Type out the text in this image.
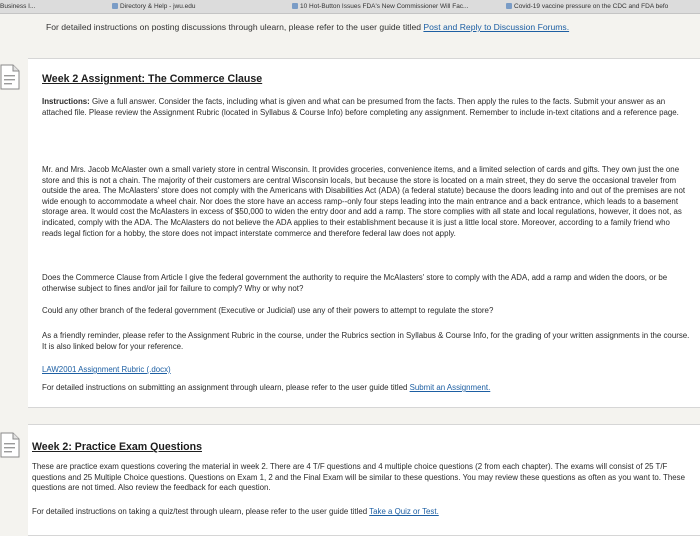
Business I...	Directory & Help - jwu.edu	10 Hot-Button Issues FDA's New Commissioner Will Fac...	Covid-19 vaccine pressure on the CDC and FDA befo
For detailed instructions on posting discussions through ulearn, please refer to the user guide titled Post and Reply to Discussion Forums.
Week 2 Assignment: The Commerce Clause

Instructions: Give a full answer. Consider the facts, including what is given and what can be presumed from the facts. Then apply the rules to the facts. Submit your answer as an attached file. Please review the Assignment Rubric (located in Syllabus & Course Info) before completing any assignment. Remember to include in-text citations and a reference page.

Mr. and Mrs. Jacob McAlaster own a small variety store in central Wisconsin. It provides groceries, convenience items, and a limited selection of cards and gifts. They own just the one store and this is not a chain. The majority of their customers are central Wisconsin locals, but because the store is located on a main street, they do serve the occasional traveler from outside the area. The McAlasters' store does not comply with the Americans with Disabilities Act (ADA) (a federal statute) because the doors leading into and out of the premises are not wide enough to accommodate a wheel chair. Nor does the store have an access ramp--only four steps leading into the main entrance and a back entrance, which leads to a basement storage area. It would cost the McAlasters in excess of $50,000 to widen the entry door and add a ramp. The store complies with all state and local regulations, however, it does not, as indicated, comply with the ADA. The McAlasters do not believe the ADA applies to their establishment because it is just a little local store. Moreover, according to a family friend who reads legal fiction for a hobby, the store does not impact interstate commerce and therefore federal law does not apply.

Does the Commerce Clause from Article I give the federal government the authority to require the McAlasters' store to comply with the ADA, add a ramp and widen the doors, or be otherwise subject to fines and/or jail for failure to comply? Why or why not?

Could any other branch of the federal government (Executive or Judicial) use any of their powers to attempt to regulate the store?

As a friendly reminder, please refer to the Assignment Rubric in the course, under the Rubrics section in Syllabus & Course Info, for the grading of your written assignments in the course. It is also linked below for your reference.

LAW2001 Assignment Rubric (.docx)

For detailed instructions on submitting an assignment through ulearn, please refer to the user guide titled Submit an Assignment.

Week 2: Practice Exam Questions

These are practice exam questions covering the material in week 2. There are 4 T/F questions and 4 multiple choice questions (2 from each chapter). The exams will consist of 25 T/F questions and 25 Multiple Choice questions. Questions on Exam 1, 2 and the Final Exam will be similar to these questions. You may review these questions as often as you want to. These questions are not timed. Also review the feedback for each question.

For detailed instructions on taking a quiz/test through ulearn, please refer to the user guide titled Take a Quiz or Test.
